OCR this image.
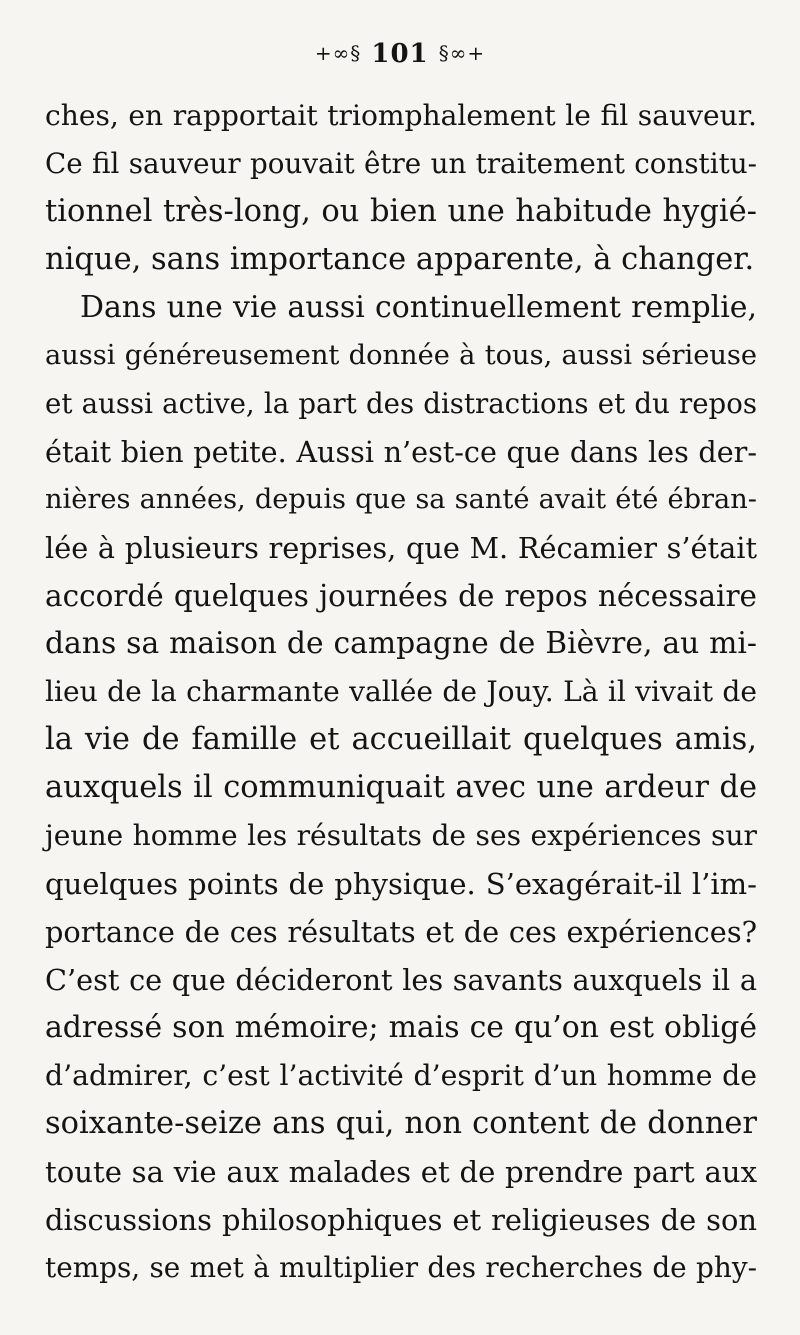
+∞§ 101 §∞+
ches, en rapportait triomphalement le fil sauveur.
Ce fil sauveur pouvait être un traitement constitu-
tionnel très-long, ou bien une habitude hygié-
nique, sans importance apparente, à changer.
Dans une vie aussi continuellement remplie,
aussi généreusement donnée à tous, aussi sérieuse
et aussi active, la part des distractions et du repos
était bien petite. Aussi n’est-ce que dans les der-
nières années, depuis que sa santé avait été ébran-
lée à plusieurs reprises, que M. Récamier s’était
accordé quelques journées de repos nécessaire
dans sa maison de campagne de Bièvre, au mi-
lieu de la charmante vallée de Jouy. Là il vivait de
la vie de famille et accueillait quelques amis,
auxquels il communiquait avec une ardeur de
jeune homme les résultats de ses expériences sur
quelques points de physique. S’exagérait-il l’im-
portance de ces résultats et de ces expériences?
C’est ce que décideront les savants auxquels il a
adressé son mémoire; mais ce qu’on est obligé
d’admirer, c’est l’activité d’esprit d’un homme de
soixante-seize ans qui, non content de donner
toute sa vie aux malades et de prendre part aux
discussions philosophiques et religieuses de son
temps, se met à multiplier des recherches de phy-
